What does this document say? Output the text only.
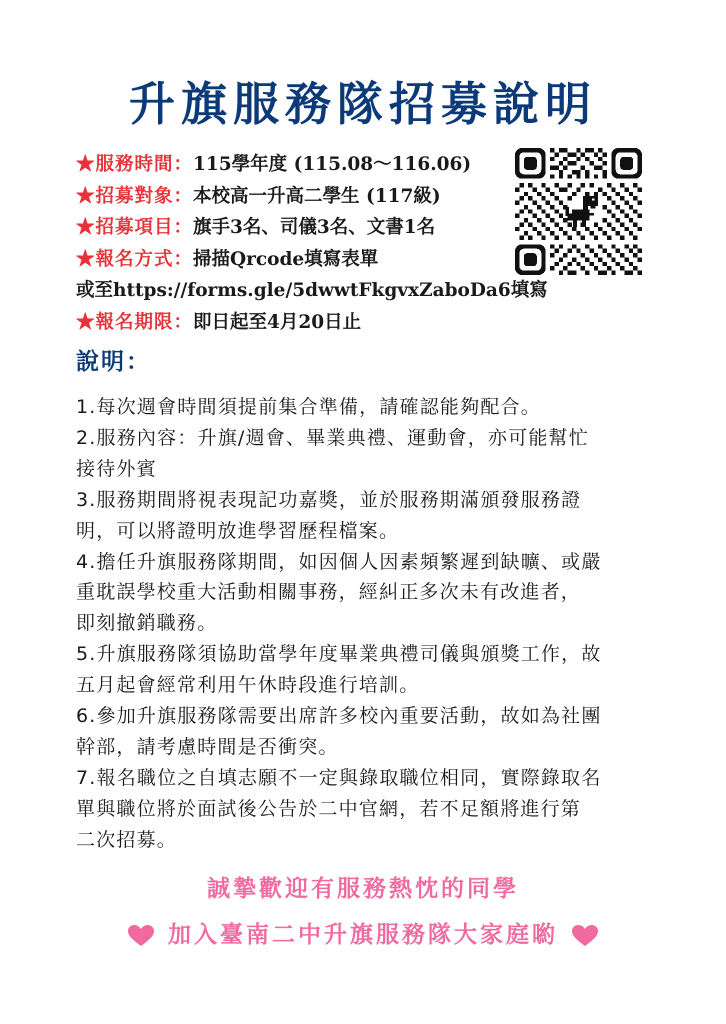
升旗服務隊招募說明
★服務時間：115學年度 (115.08～116.06)
★招募對象：本校高一升高二學生 (117級)
★招募項目：旗手3名、司儀3名、文書1名
★報名方式：掃描Qrcode填寫表單
或至https://forms.gle/5dwwtFkgvxZaboDa6填寫
★報名期限：即日起至4月20日止
說明：

1.每次週會時間須提前集合準備，請確認能夠配合。

2.服務內容：升旗/週會、畢業典禮、運動會，亦可能幫忙

接待外賓

3.服務期間將視表現記功嘉獎，並於服務期滿頒發服務證

明，可以將證明放進學習歷程檔案。

4.擔任升旗服務隊期間，如因個人因素頻繁遲到缺曠、或嚴

重耽誤學校重大活動相關事務，經糾正多次未有改進者，

即刻撤銷職務。

5.升旗服務隊須協助當學年度畢業典禮司儀與頒獎工作，故

五月起會經常利用午休時段進行培訓。

6.參加升旗服務隊需要出席許多校內重要活動，故如為社團

幹部，請考慮時間是否衝突。

7.報名職位之自填志願不一定與錄取職位相同，實際錄取名

單與職位將於面試後公告於二中官網，若不足額將進行第

二次招募。

誠摯歡迎有服務熱忱的同學
加入臺南二中升旗服務隊大家庭喲
